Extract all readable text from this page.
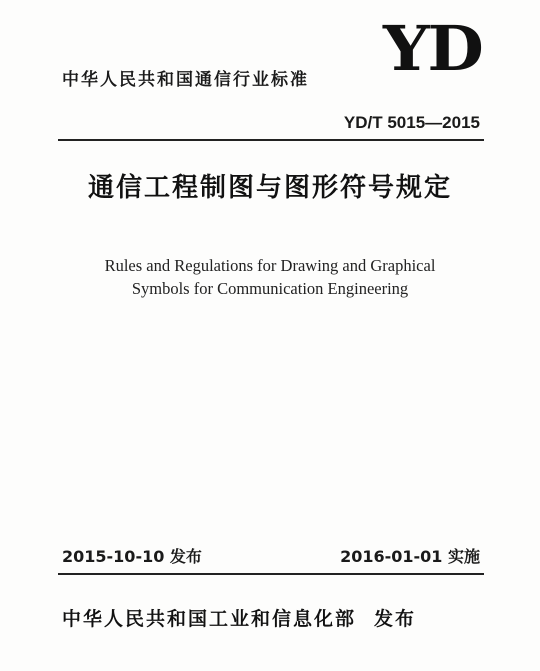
YD
中华人民共和国通信行业标准
YD/T 5015—2015
通信工程制图与图形符号规定
Rules and Regulations for Drawing and Graphical
Symbols for Communication Engineering
2015-10-10 发布	2016-01-01 实施
中华人民共和国工业和信息化部 发布
